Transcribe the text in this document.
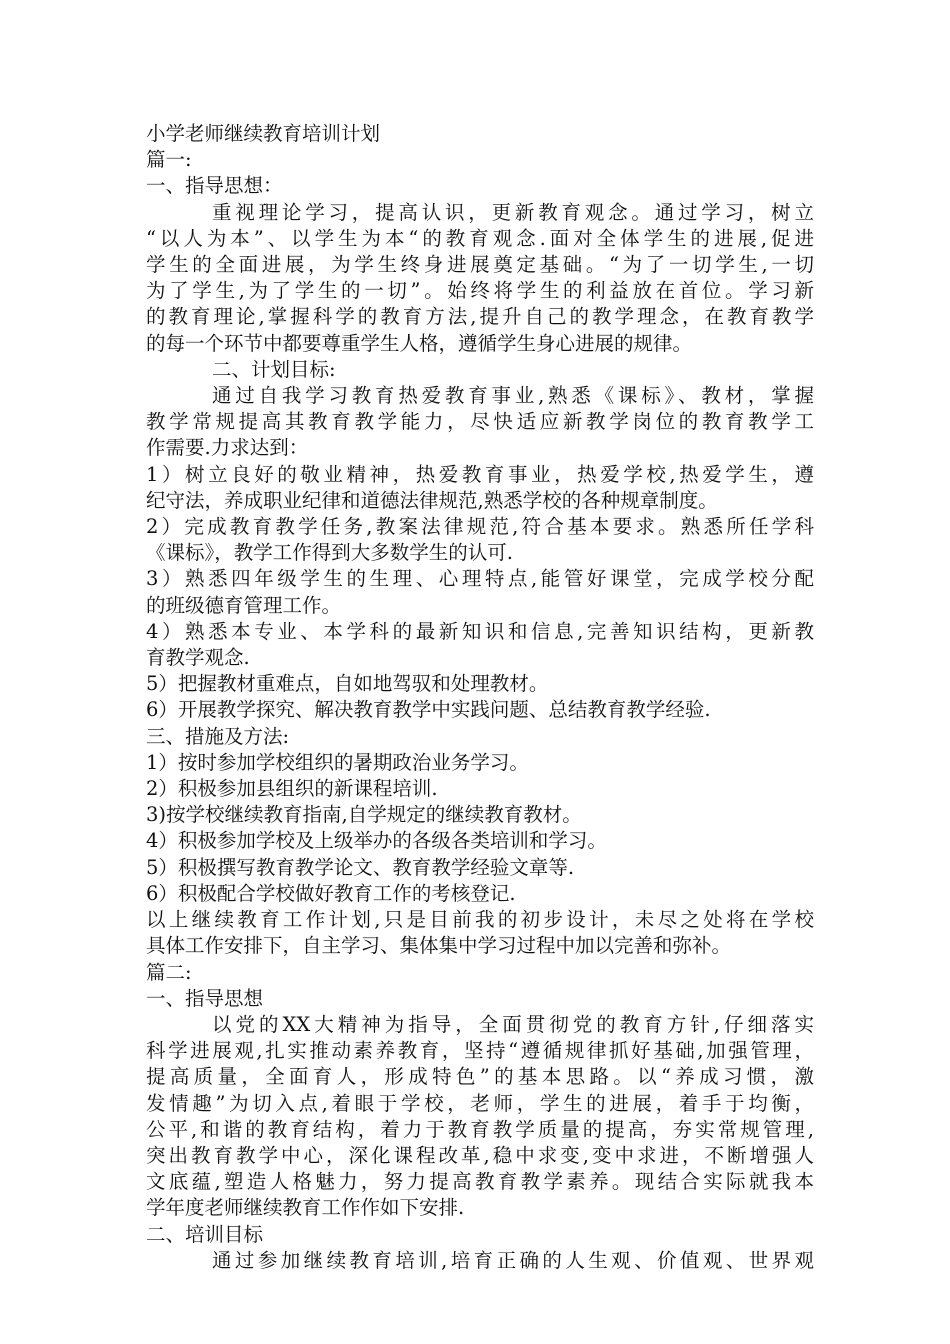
小学老师继续教育培训计划
篇一:
一、指导思想：
重视理论学习，提高认识，更新教育观念。通过学习，树立
“以人为本”、以学生为本“的教育观念.面对全体学生的进展,促进
学生的全面进展，为学生终身进展奠定基础。“为了一切学生,一切
为了学生,为了学生的一切”。始终将学生的利益放在首位。学习新
的教育理论,掌握科学的教育方法,提升自己的教学理念，在教育教学
的每一个环节中都要尊重学生人格，遵循学生身心进展的规律。
二、计划目标:
通过自我学习教育热爱教育事业,熟悉《课标》、教材，掌握
教学常规提高其教育教学能力，尽快适应新教学岗位的教育教学工
作需要.力求达到：
1）树立良好的敬业精神，热爱教育事业，热爱学校,热爱学生，遵
纪守法，养成职业纪律和道德法律规范,熟悉学校的各种规章制度。
2）完成教育教学任务,教案法律规范,符合基本要求。熟悉所任学科
《课标》，教学工作得到大多数学生的认可.
3）熟悉四年级学生的生理、心理特点,能管好课堂，完成学校分配
的班级德育管理工作。
4）熟悉本专业、本学科的最新知识和信息,完善知识结构，更新教
育教学观念.
5）把握教材重难点，自如地驾驭和处理教材。
6）开展教学探究、解决教育教学中实践问题、总结教育教学经验.
三、措施及方法:
1）按时参加学校组织的暑期政治业务学习。
2）积极参加县组织的新课程培训.
3)按学校继续教育指南,自学规定的继续教育教材。
4）积极参加学校及上级举办的各级各类培训和学习。
5）积极撰写教育教学论文、教育教学经验文章等.
6）积极配合学校做好教育工作的考核登记.
以上继续教育工作计划,只是目前我的初步设计，未尽之处将在学校
具体工作安排下，自主学习、集体集中学习过程中加以完善和弥补。
篇二:
一、指导思想
以党的XX大精神为指导，全面贯彻党的教育方针,仔细落实
科学进展观,扎实推动素养教育，坚持“遵循规律抓好基础,加强管理，
提高质量，全面育人，形成特色”的基本思路。以“养成习惯，激
发情趣”为切入点,着眼于学校，老师，学生的进展，着手于均衡，
公平,和谐的教育结构，着力于教育教学质量的提高，夯实常规管理,
突出教育教学中心，深化课程改革,稳中求变,变中求进，不断增强人
文底蕴,塑造人格魅力，努力提高教育教学素养。现结合实际就我本
学年度老师继续教育工作作如下安排.
二、培训目标
通过参加继续教育培训,培育正确的人生观、价值观、世界观
